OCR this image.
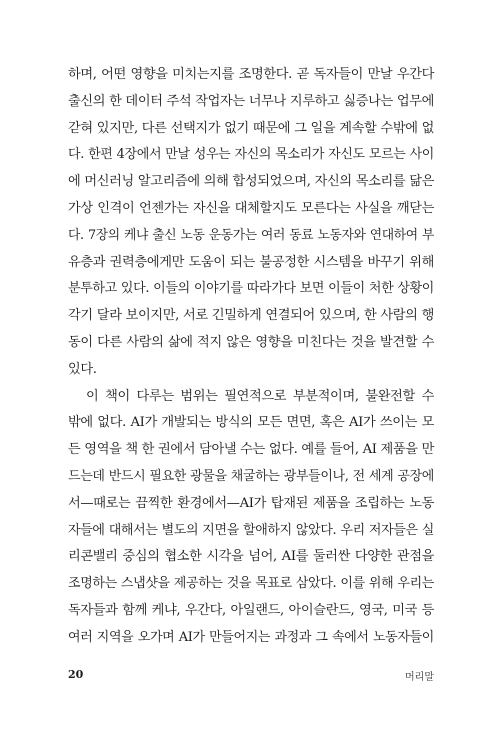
하며, 어떤 영향을 미치는지를 조명한다. 곧 독자들이 만날 우간다
출신의 한 데이터 주석 작업자는 너무나 지루하고 싫증나는 업무에
갇혀 있지만, 다른 선택지가 없기 때문에 그 일을 계속할 수밖에 없
다. 한편 4장에서 만날 성우는 자신의 목소리가 자신도 모르는 사이
에 머신러닝 알고리즘에 의해 합성되었으며, 자신의 목소리를 닮은
가상 인격이 언젠가는 자신을 대체할지도 모른다는 사실을 깨닫는
다. 7장의 케냐 출신 노동 운동가는 여러 동료 노동자와 연대하여 부
유층과 권력층에게만 도움이 되는 불공정한 시스템을 바꾸기 위해
분투하고 있다. 이들의 이야기를 따라가다 보면 이들이 처한 상황이
각기 달라 보이지만, 서로 긴밀하게 연결되어 있으며, 한 사람의 행
동이 다른 사람의 삶에 적지 않은 영향을 미친다는 것을 발견할 수
있다.
이 책이 다루는 범위는 필연적으로 부분적이며, 불완전할 수
밖에 없다. AI가 개발되는 방식의 모든 면면, 혹은 AI가 쓰이는 모
든 영역을 책 한 권에서 담아낼 수는 없다. 예를 들어, AI 제품을 만
드는데 반드시 필요한 광물을 채굴하는 광부들이나, 전 세계 공장에
서—때로는 끔찍한 환경에서—AI가 탑재된 제품을 조립하는 노동
자들에 대해서는 별도의 지면을 할애하지 않았다. 우리 저자들은 실
리콘밸리 중심의 협소한 시각을 넘어, AI를 둘러싼 다양한 관점을
조명하는 스냅샷을 제공하는 것을 목표로 삼았다. 이를 위해 우리는
독자들과 함께 케냐, 우간다, 아일랜드, 아이슬란드, 영국, 미국 등
여러 지역을 오가며 AI가 만들어지는 과정과 그 속에서 노동자들이
20	머리말
